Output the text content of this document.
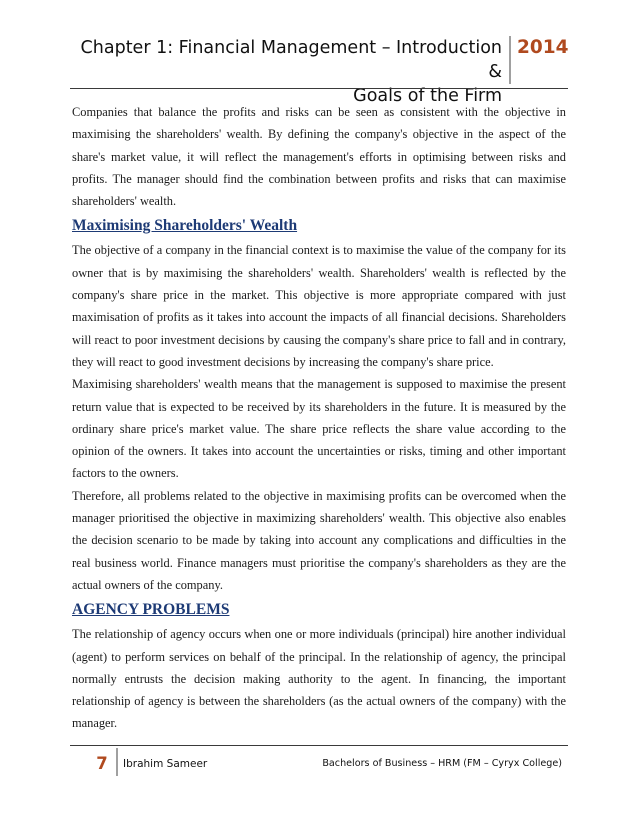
Chapter 1: Financial Management – Introduction &
Goals of the Firm
2014

Companies that balance the profits and risks can be seen as consistent with the objective in maximising the shareholders' wealth. By defining the company's objective in the aspect of the share's market value, it will reflect the management's efforts in optimising between risks and profits. The manager should find the combination between profits and risks that can maximise shareholders' wealth.

Maximising Shareholders' Wealth

The objective of a company in the financial context is to maximise the value of the company for its owner that is by maximising the shareholders' wealth. Shareholders' wealth is reflected by the company's share price in the market. This objective is more appropriate compared with just maximisation of profits as it takes into account the impacts of all financial decisions. Shareholders will react to poor investment decisions by causing the company's share price to fall and in contrary, they will react to good investment decisions by increasing the company's share price.

Maximising shareholders' wealth means that the management is supposed to maximise the present return value that is expected to be received by its shareholders in the future. It is measured by the ordinary share price's market value. The share price reflects the share value according to the opinion of the owners. It takes into account the uncertainties or risks, timing and other important factors to the owners.

Therefore, all problems related to the objective in maximising profits can be overcomed when the manager prioritised the objective in maximizing shareholders' wealth. This objective also enables the decision scenario to be made by taking into account any complications and difficulties in the real business world. Finance managers must prioritise the company's shareholders as they are the actual owners of the company.

AGENCY PROBLEMS

The relationship of agency occurs when one or more individuals (principal) hire another individual (agent) to perform services on behalf of the principal. In the relationship of agency, the principal normally entrusts the decision making authority to the agent. In financing, the important relationship of agency is between the shareholders (as the actual owners of the company) with the manager.

7	Ibrahim Sameer	Bachelors of Business – HRM (FM – Cyryx College)
